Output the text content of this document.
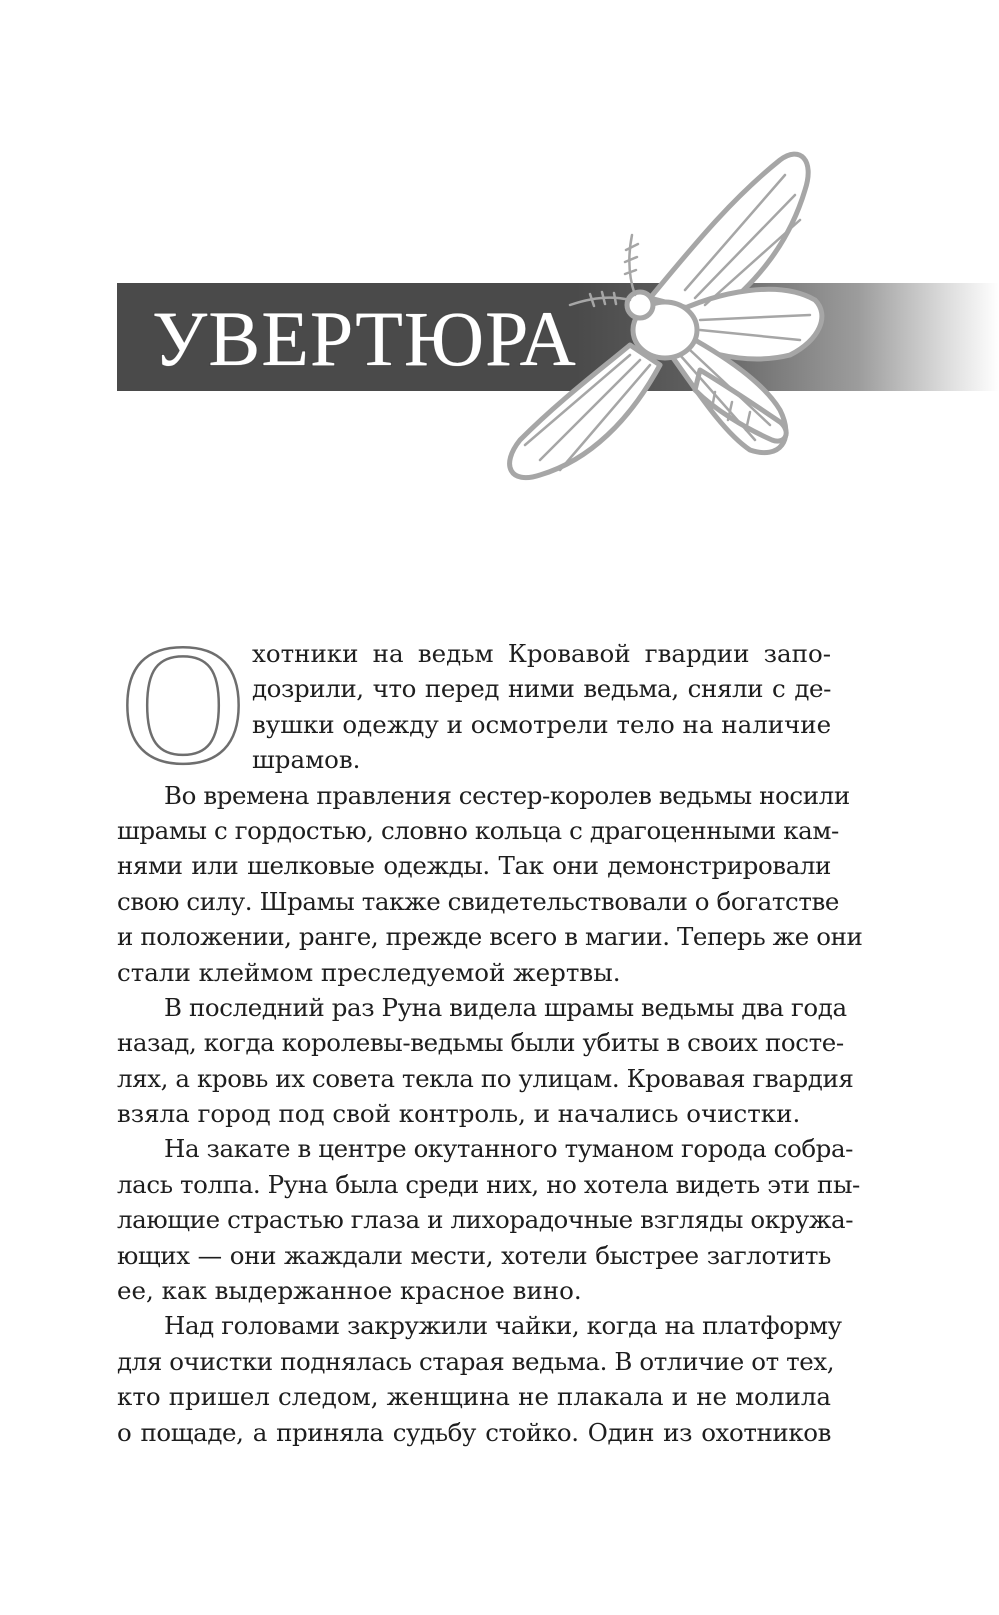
УВЕРТЮРА
О хотники на ведьм Кровавой гвардии запо-
дозрили, что перед ними ведьма, сняли с де-
вушки одежду и осмотрели тело на наличие
шрамов.
Во времена правления сестер-королев ведьмы носили
шрамы с гордостью, словно кольца с драгоценными кам-
нями или шелковые одежды. Так они демонстрировали
свою силу. Шрамы также свидетельствовали о богатстве
и положении, ранге, прежде всего в магии. Теперь же они
стали клеймом преследуемой жертвы.
В последний раз Руна видела шрамы ведьмы два года
назад, когда королевы-ведьмы были убиты в своих посте-
лях, а кровь их совета текла по улицам. Кровавая гвардия
взяла город под свой контроль, и начались очистки.
На закате в центре окутанного туманом города собра-
лась толпа. Руна была среди них, но хотела видеть эти пы-
лающие страстью глаза и лихорадочные взгляды окружа-
ющих — они жаждали мести, хотели быстрее заглотить
ее, как выдержанное красное вино.
Над головами закружили чайки, когда на платформу
для очистки поднялась старая ведьма. В отличие от тех,
кто пришел следом, женщина не плакала и не молила
о пощаде, а приняла судьбу стойко. Один из охотников
